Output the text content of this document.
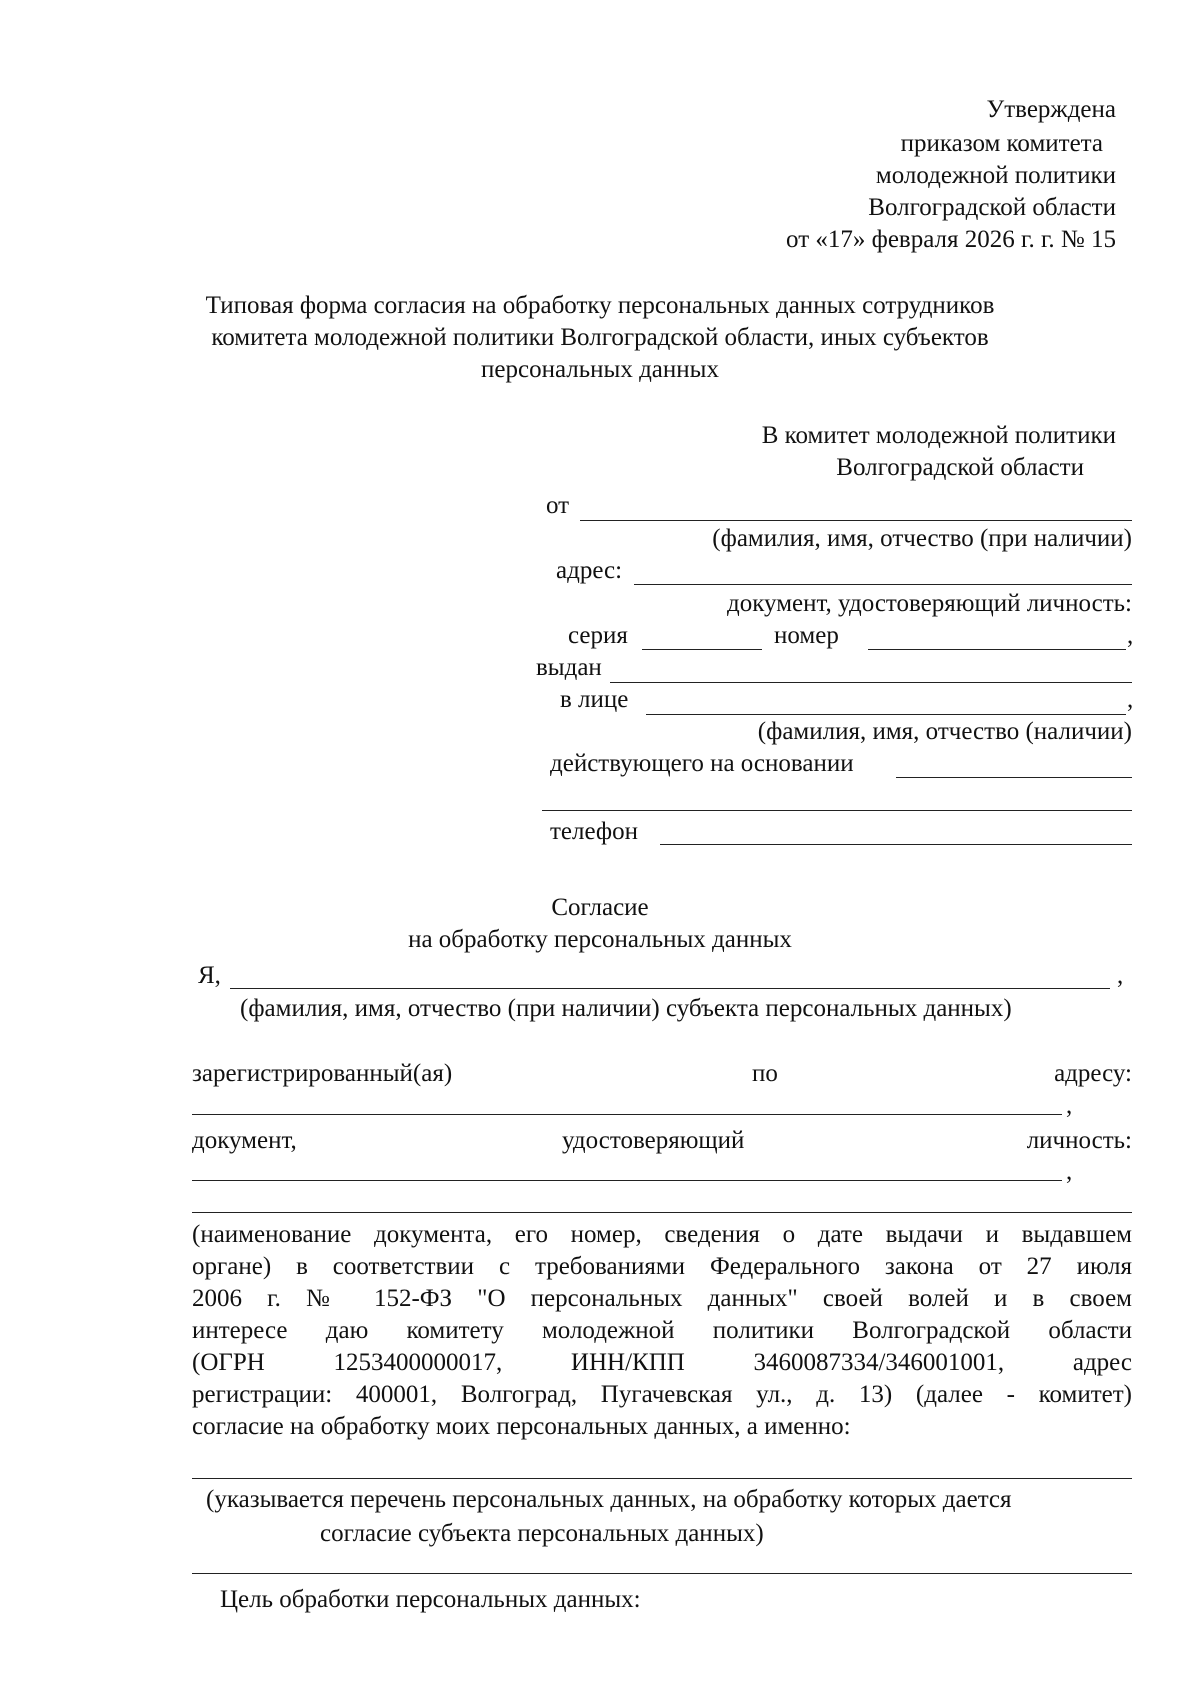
Утверждена
приказом комитета
молодежной политики
Волгоградской области
от «17» февраля 2026 г. г. № 15
Типовая форма согласия на обработку персональных данных сотрудников
комитета молодежной политики Волгоградской области, иных субъектов
персональных данных
В комитет молодежной политики
Волгоградской области
от
(фамилия, имя, отчество (при наличии)
адрес:
документ, удостоверяющий личность:
серия	номер	,
выдан
в лице	,
(фамилия, имя, отчество (наличии)
действующего на основании
телефон
Согласие
на обработку персональных данных
Я,	,
(фамилия, имя, отчество (при наличии) субъекта персональных данных)
зарегистрированный(ая)	по	адресу:
,
документ,	удостоверяющий	личность:
,
(наименование документа, его номер, сведения о дате выдачи и выдавшем
органе) в соответствии с требованиями Федерального закона от 27 июля
2006 г. № 152-ФЗ "О персональных данных" своей волей и в своем
интересе даю комитету молодежной политики Волгоградской области
(ОГРН 1253400000017, ИНН/КПП 3460087334/346001001, адрес
регистрации: 400001, Волгоград, Пугачевская ул., д. 13) (далее - комитет)
согласие на обработку моих персональных данных, а именно:
(указывается перечень персональных данных, на обработку которых дается
согласие субъекта персональных данных)
Цель обработки персональных данных:
